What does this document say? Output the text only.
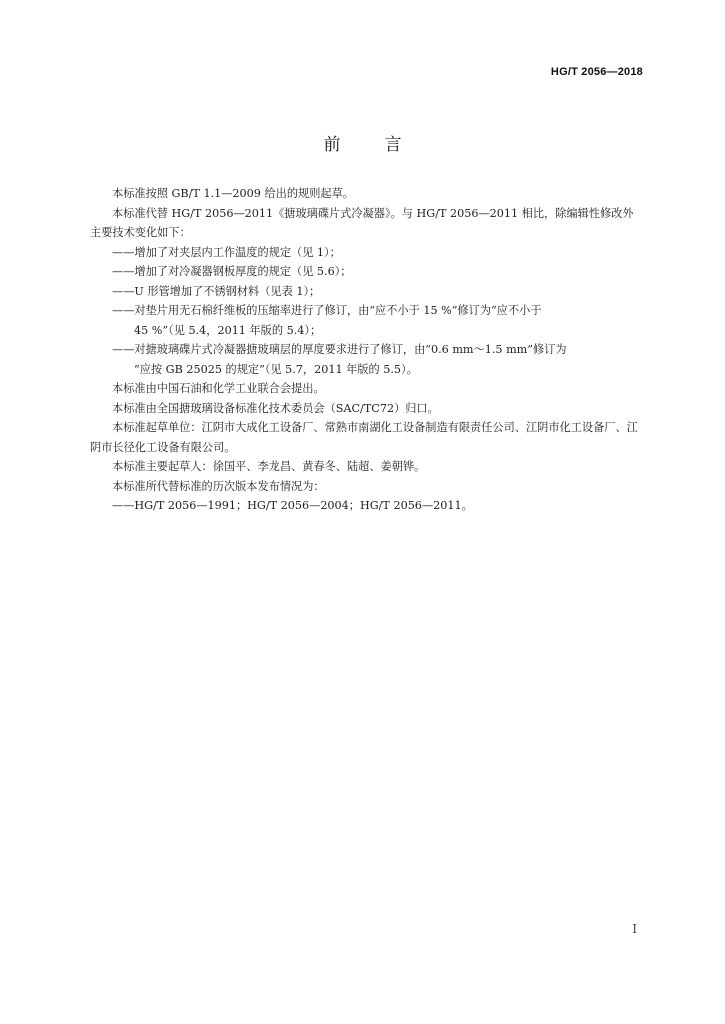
HG/T 2056—2018
前言

本标准按照 GB/T 1.1—2009 给出的规则起草。

本标准代替 HG/T 2056—2011《搪玻璃碟片式冷凝器》。与 HG/T 2056—2011 相比，除编辑性修改外主要技术变化如下：

——增加了对夹层内工作温度的规定（见 1）；
——增加了对冷凝器钢板厚度的规定（见 5.6）；
——U 形管增加了不锈钢材料（见表 1）；
——对垫片用无石棉纤维板的压缩率进行了修订，由“应不小于 15 %”修订为“应不小于
45 %”（见 5.4，2011 年版的 5.4）；
——对搪玻璃碟片式冷凝器搪玻璃层的厚度要求进行了修订，由“0.6 mm～1.5 mm”修订为
“应按 GB 25025 的规定”（见 5.7，2011 年版的 5.5）。

本标准由中国石油和化学工业联合会提出。

本标准由全国搪玻璃设备标准化技术委员会（SAC/TC72）归口。

本标准起草单位：江阴市大成化工设备厂、常熟市南湖化工设备制造有限责任公司、江阴市化工设备厂、江阴市长径化工设备有限公司。

本标准主要起草人：徐国平、李龙昌、黄春冬、陆超、姜朝铧。

本标准所代替标准的历次版本发布情况为：

——HG/T 2056—1991；HG/T 2056—2004；HG/T 2056—2011。

I
